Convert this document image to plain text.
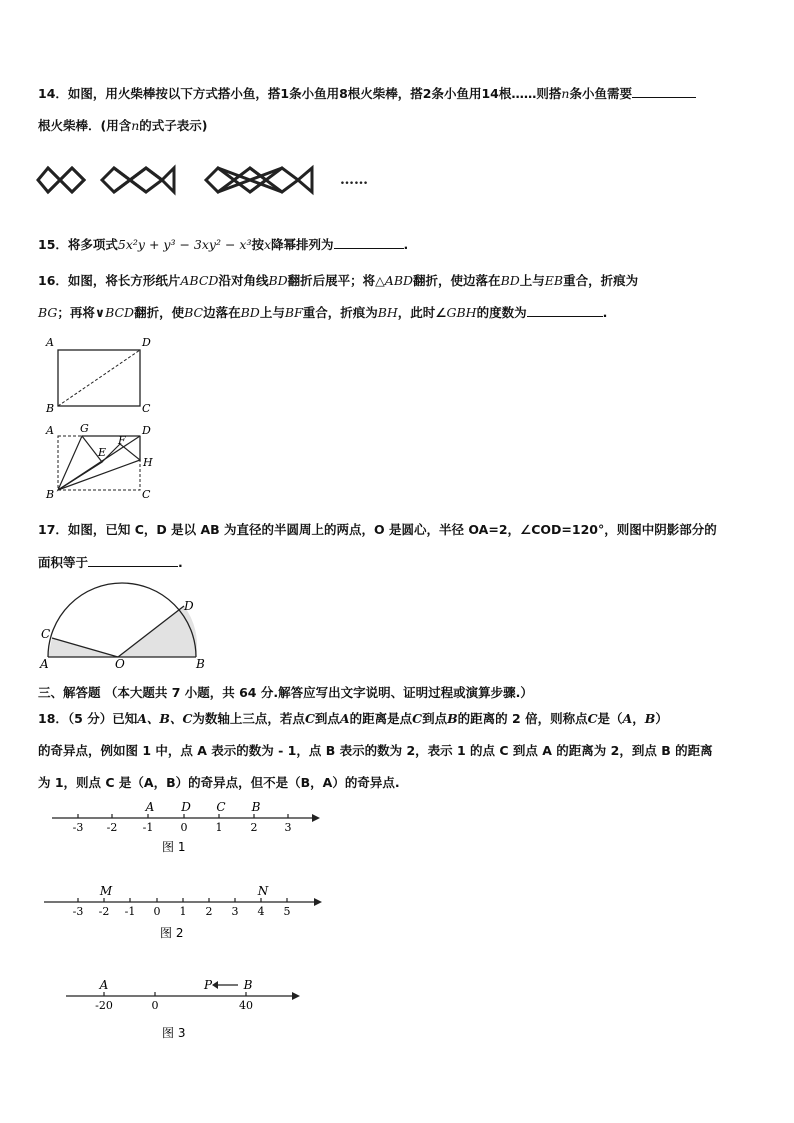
14．如图，用火柴棒按以下方式搭小鱼，搭1条小鱼用8根火柴棒，搭2条小鱼用14根……则搭n条小鱼需要
根火柴棒．(用含n的式子表示)
……
15．将多项式5x²y + y³ − 3xy² − x³按x降幂排列为	.
16．如图，将长方形纸片ABCD沿对角线BD翻折后展平；将△ABD翻折，使边落在BD上与EB重合，折痕为
BG；再将∨BCD翻折，使BC边落在BD上与BF重合，折痕为BH，此时∠GBH的度数为	.
A	D
B	C
A G	D
F
E
H
B	C
17．如图，已知 C，D 是以 AB 为直径的半圆周上的两点，O 是圆心，半径 OA=2，∠COD=120°，则图中阴影部分的
面积等于	.
A	O	B
C
D
三、解答题 （本大题共 7 小题，共 64 分.解答应写出文字说明、证明过程或演算步骤.）
18．（5 分）已知A、B、C为数轴上三点，若点C到点A的距离是点C到点B的距离的 2 倍，则称点C是（A，B）
的奇异点，例如图 1 中，点 A 表示的数为 - 1，点 B 表示的数为 2，表示 1 的点 C 到点 A 的距离为 2，到点 B 的距离
为 1，则点 C 是（A，B）的奇异点，但不是（B，A）的奇异点.
-3 -2 -1 0	1	2 3
A D C B
图 1
-3 -2 -1 0 1 2 3 4 5
M	N
图 2
-20	0	40
A	P	B
图 3
